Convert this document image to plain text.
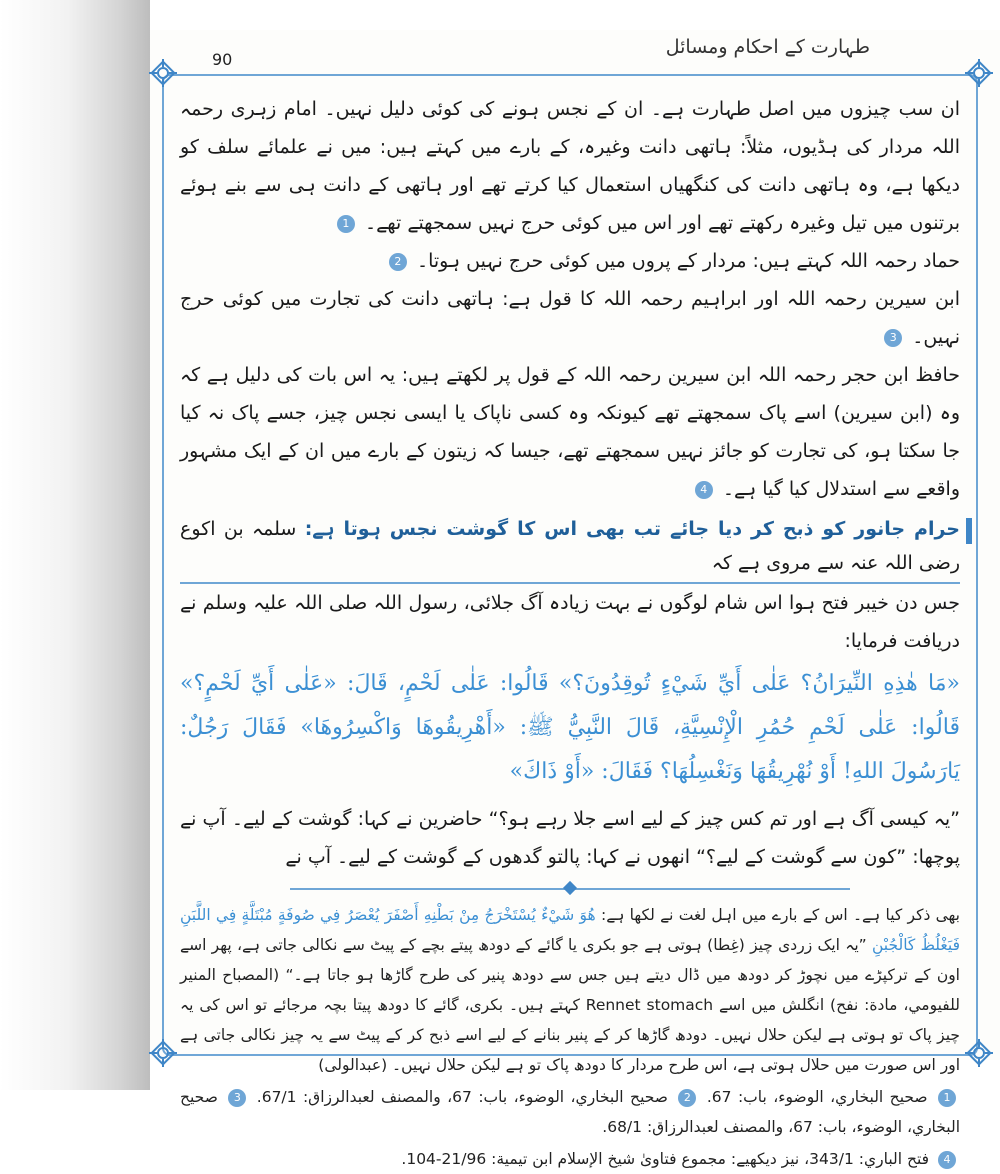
90
طہارت کے احکام ومسائل

ان سب چیزوں میں اصل طہارت ہے۔ ان کے نجس ہونے کی کوئی دلیل نہیں۔ امام زہری رحمہ اللہ مردار کی ہڈیوں، مثلاً: ہاتھی دانت وغیرہ، کے بارے میں کہتے ہیں: میں نے علمائے سلف کو دیکھا ہے، وہ ہاتھی دانت کی کنگھیاں استعمال کیا کرتے تھے اور ہاتھی کے دانت ہی سے بنے ہوئے برتنوں میں تیل وغیرہ رکھتے تھے اور اس میں کوئی حرج نہیں سمجھتے تھے۔ 1

حماد رحمہ اللہ کہتے ہیں: مردار کے پروں میں کوئی حرج نہیں ہوتا۔ 2

ابن سیرین رحمہ اللہ اور ابراہیم رحمہ اللہ کا قول ہے: ہاتھی دانت کی تجارت میں کوئی حرج نہیں۔ 3

حافظ ابن حجر رحمہ اللہ ابن سیرین رحمہ اللہ کے قول پر لکھتے ہیں: یہ اس بات کی دلیل ہے کہ وہ (ابن سیرین) اسے پاک سمجھتے تھے کیونکہ وہ کسی ناپاک یا ایسی نجس چیز، جسے پاک نہ کیا جا سکتا ہو، کی تجارت کو جائز نہیں سمجھتے تھے، جیسا کہ زیتون کے بارے میں ان کے ایک مشہور واقعے سے استدلال کیا گیا ہے۔ 4

حرام جانور کو ذبح کر دیا جائے تب بھی اس کا گوشت نجس ہوتا ہے: سلمہ بن اکوع رضی اللہ عنہ سے مروی ہے کہ

جس دن خیبر فتح ہوا اس شام لوگوں نے بہت زیادہ آگ جلائی، رسول اللہ صلی اللہ علیہ وسلم نے دریافت فرمایا:

«مَا هٰذِهِ النِّيرَانُ؟ عَلٰى أَيِّ شَيْءٍ تُوقِدُونَ؟» قَالُوا: عَلٰى لَحْمٍ، قَالَ: «عَلٰى أَيِّ لَحْمٍ؟» قَالُوا: عَلٰى لَحْمِ حُمُرِ الْإِنْسِيَّةِ، قَالَ النَّبِيُّ ﷺ: «أَهْرِيقُوهَا وَاكْسِرُوهَا» فَقَالَ رَجُلٌ: يَارَسُولَ اللهِ! أَوْ نُهْرِيقُهَا وَنَغْسِلُهَا؟ فَقَالَ: «أَوْ ذَاكَ»

”یہ کیسی آگ ہے اور تم کس چیز کے لیے اسے جلا رہے ہو؟“ حاضرین نے کہا: گوشت کے لیے۔ آپ نے پوچھا: ”کون سے گوشت کے لیے؟“ انھوں نے کہا: پالتو گدھوں کے گوشت کے لیے۔ آپ نے

بھی ذکر کیا ہے۔ اس کے بارے میں اہل لغت نے لکھا ہے: هُوَ شَيْءٌ يُسْتَخْرَجُ مِنْ بَطْنِهِ أَصْفَرَ يُعْصَرُ فِي صُوفَةٍ مُبْتَلَّةٍ فِي اللَّبَنِ فَيَغْلُظُ كَالْجُبْنِ ”یہ ایک زردی چیز (غِطا) ہوتی ہے جو بکری یا گائے کے دودھ پیتے بچے کے پیٹ سے نکالی جاتی ہے، پھر اسے اون کے ترکپڑے میں نچوڑ کر دودھ میں ڈال دیتے ہیں جس سے دودھ پنیر کی طرح گاڑھا ہو جاتا ہے۔“ (المصباح المنير للفيومي، مادة: نفح) انگلش میں اسے Rennet stomach کہتے ہیں۔ بکری، گائے کا دودھ پیتا بچہ مرجائے تو اس کی یہ چیز پاک تو ہوتی ہے لیکن حلال نہیں۔ دودھ گاڑھا کر کے پنیر بنانے کے لیے اسے ذبح کر کے پیٹ سے یہ چیز نکالی جاتی ہے اور اس صورت میں حلال ہوتی ہے، اس طرح مردار کا دودھ پاک تو ہے لیکن حلال نہیں۔ (عبدالولی)

1 صحيح البخاري، الوضوء، باب: 67. 2 صحيح البخاري، الوضوء، باب: 67، والمصنف لعبدالرزاق: 67/1. 3 صحيح البخاري، الوضوء، باب: 67، والمصنف لعبدالرزاق: 68/1.

4 فتح الباري: 343/1، نیز دیکھیے: مجموع فتاویٰ شیخ الإسلام ابن تیمیة: 21/96-104.
